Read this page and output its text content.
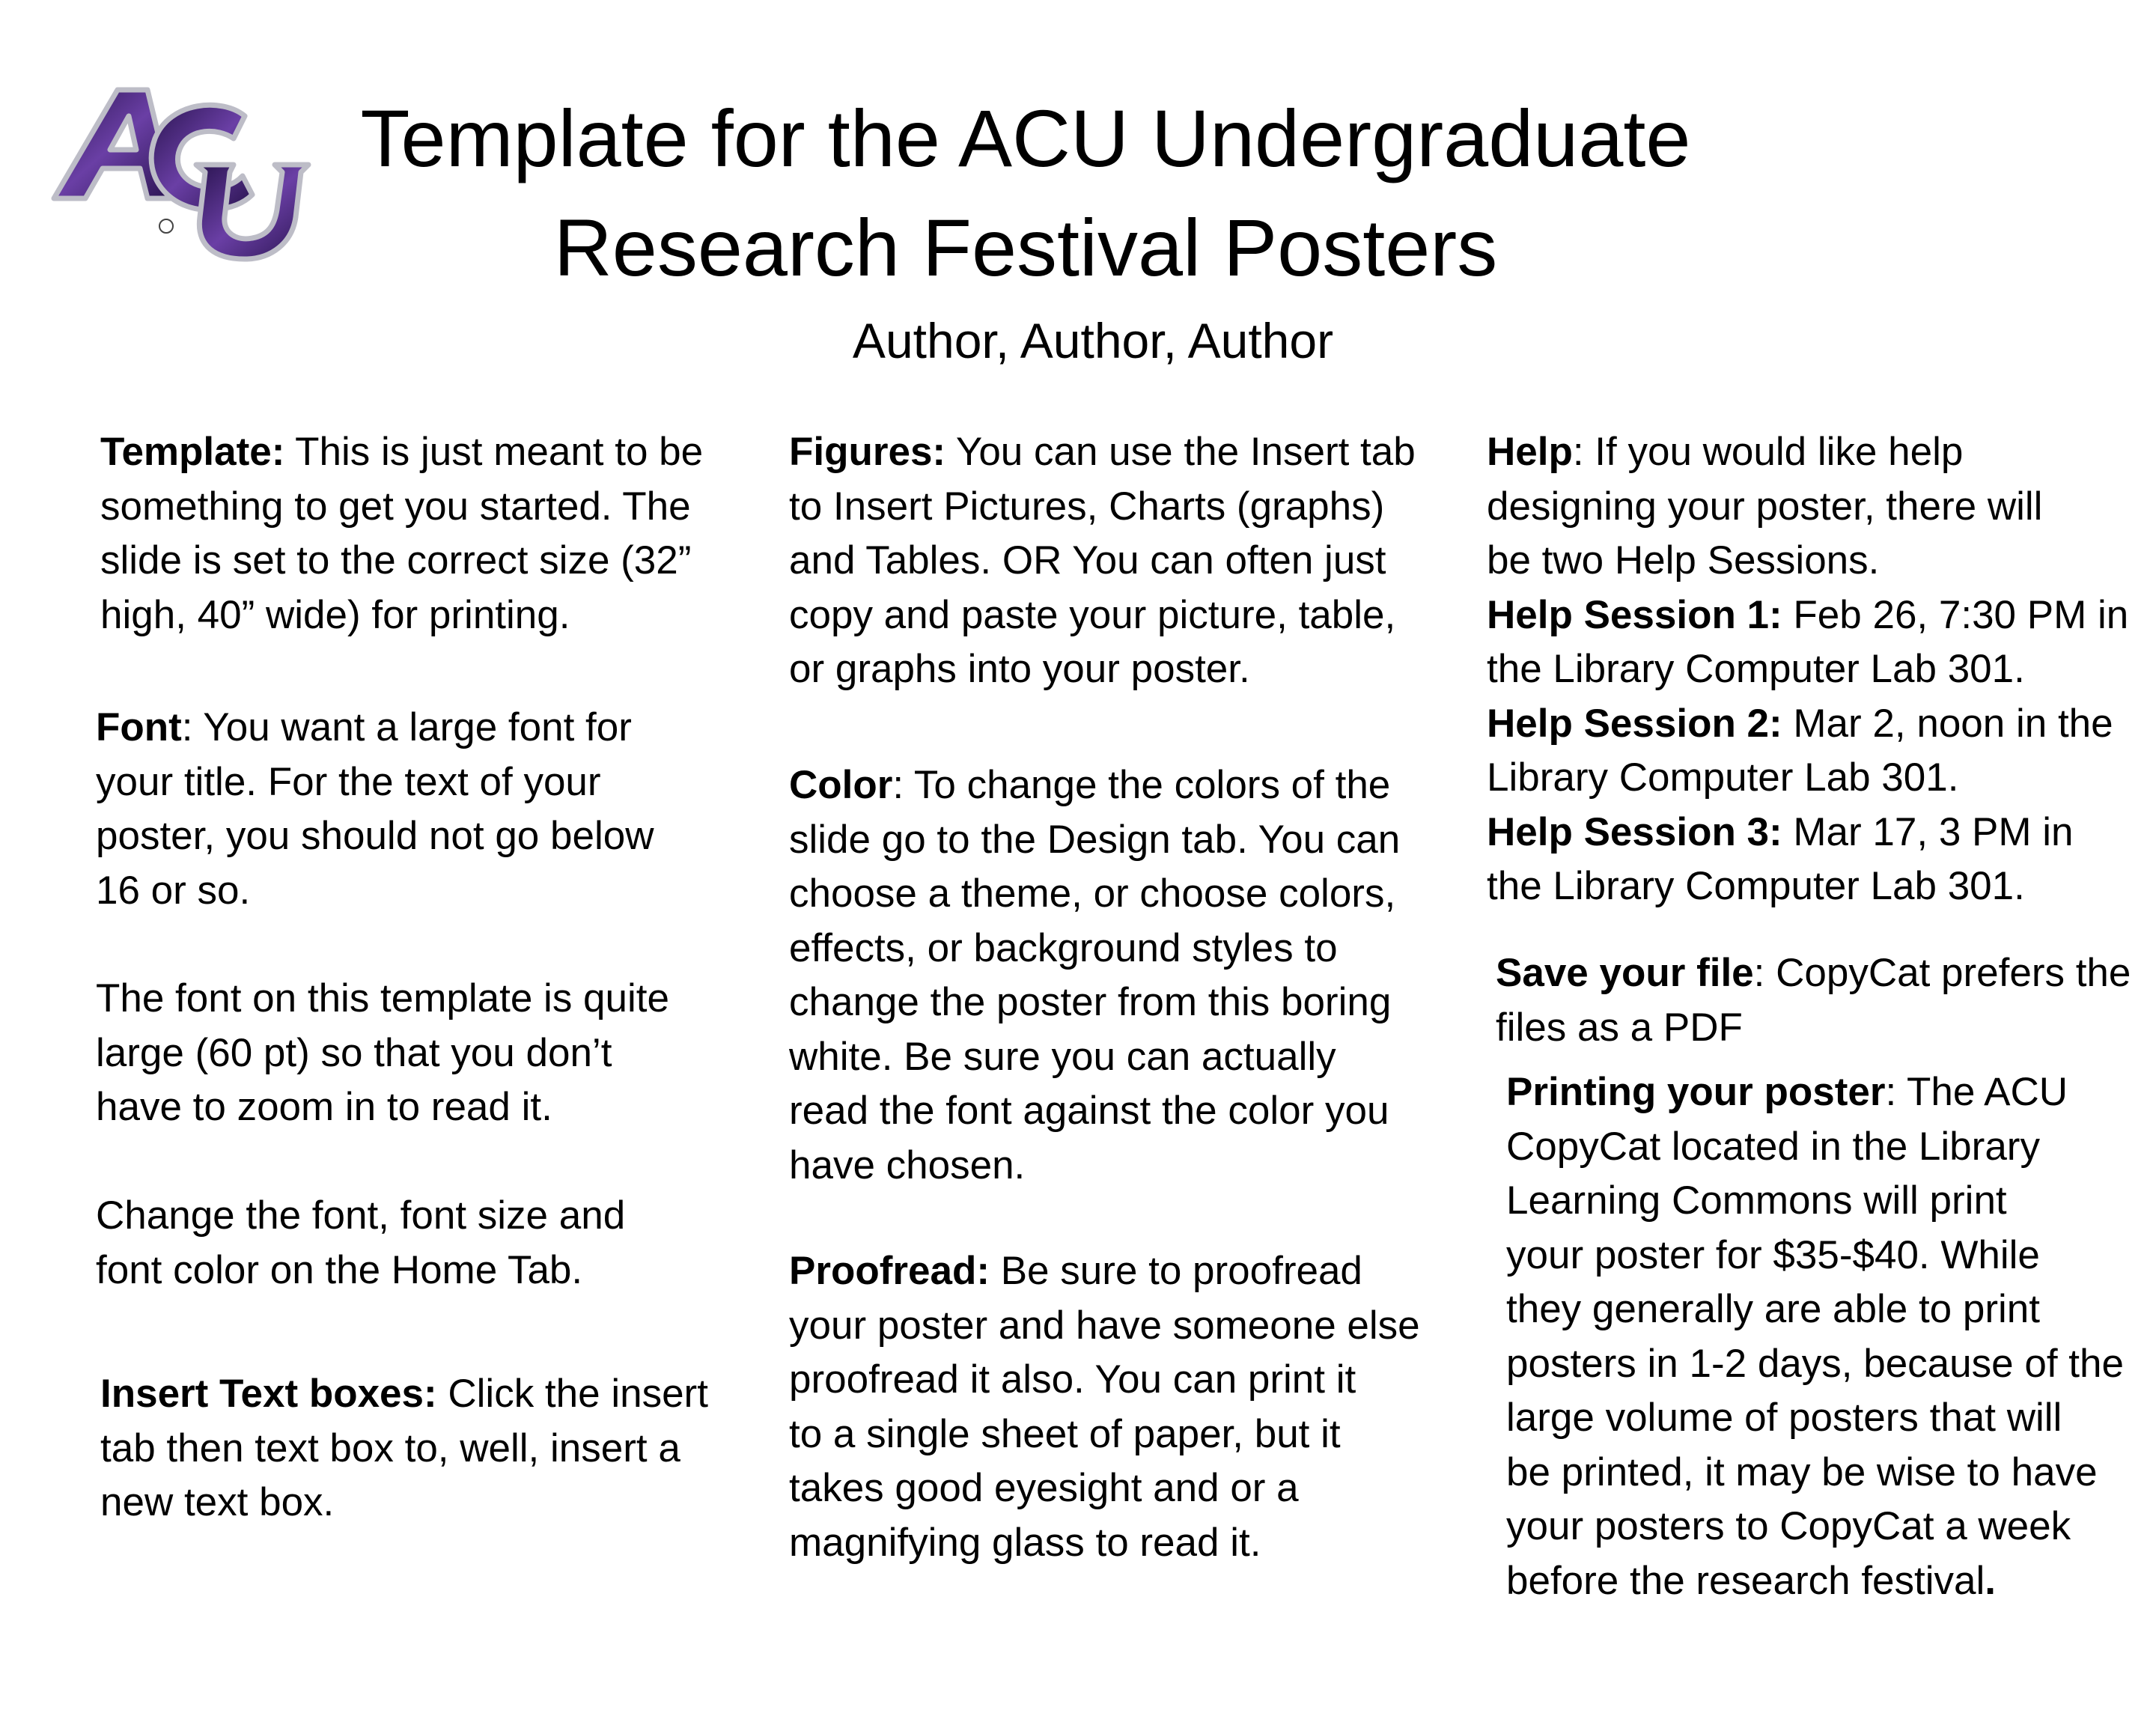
Template for the ACU Undergraduate
Research Festival Posters
Author, Author, Author
Template: This is just meant to be
something to get you started. The
slide is set to the correct size (32”
high, 40” wide) for printing.
Font: You want a large font for
your title. For the text of your
poster, you should not go below
16 or so.
The font on this template is quite
large (60 pt) so that you don’t
have to zoom in to read it.
Change the font, font size and
font color on the Home Tab.
Insert Text boxes: Click the insert
tab then text box to, well, insert a
new text box.
Figures: You can use the Insert tab
to Insert Pictures, Charts (graphs)
and Tables. OR You can often just
copy and paste your picture, table,
or graphs into your poster.
Color: To change the colors of the
slide go to the Design tab. You can
choose a theme, or choose colors,
effects, or background styles to
change the poster from this boring
white. Be sure you can actually
read the font against the color you
have chosen.
Proofread: Be sure to proofread
your poster and have someone else
proofread it also. You can print it
to a single sheet of paper, but it
takes good eyesight and or a
magnifying glass to read it.
Help: If you would like help
designing your poster, there will
be two Help Sessions.
Help Session 1: Feb 26, 7:30 PM in
the Library Computer Lab 301.
Help Session 2: Mar 2, noon in the
Library Computer Lab 301.
Help Session 3: Mar 17, 3 PM in
the Library Computer Lab 301.
Save your file: CopyCat prefers the
files as a PDF
Printing your poster: The ACU
CopyCat located in the Library
Learning Commons will print
your poster for $35-$40. While
they generally are able to print
posters in 1-2 days, because of the
large volume of posters that will
be printed, it may be wise to have
your posters to CopyCat a week
before the research festival.
